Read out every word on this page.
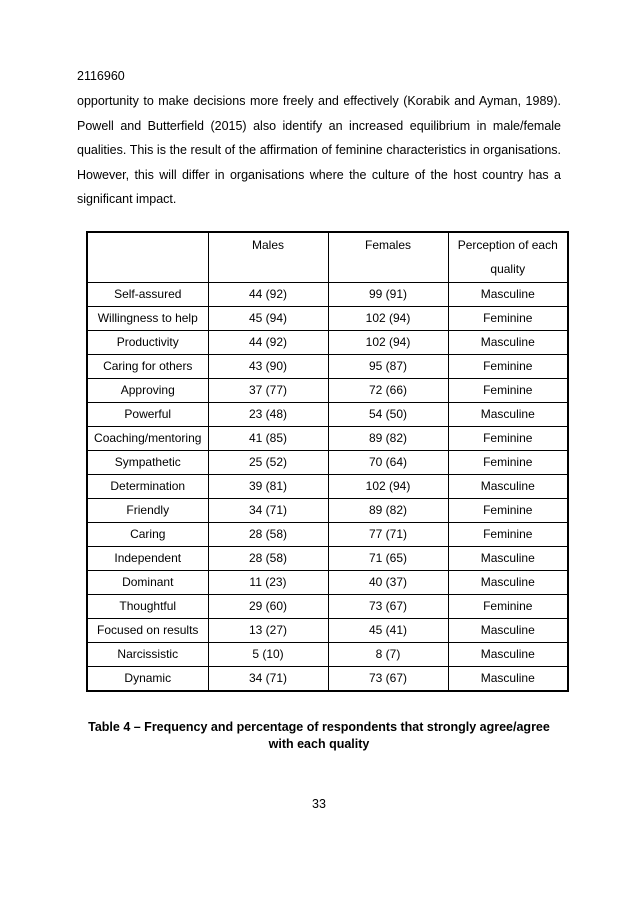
2116960

opportunity to make decisions more freely and effectively (Korabik and Ayman, 1989). Powell and Butterfield (2015) also identify an increased equilibrium in male/female qualities. This is the result of the affirmation of feminine characteristics in organisations. However, this will differ in organisations where the culture of the host country has a significant impact.

	Males	Females	Perception of each quality
Self-assured	44 (92)	99 (91)	Masculine
Willingness to help	45 (94)	102 (94)	Feminine
Productivity	44 (92)	102 (94)	Masculine
Caring for others	43 (90)	95 (87)	Feminine
Approving	37 (77)	72 (66)	Feminine
Powerful	23 (48)	54 (50)	Masculine
Coaching/mentoring	41 (85)	89 (82)	Feminine
Sympathetic	25 (52)	70 (64)	Feminine
Determination	39 (81)	102 (94)	Masculine
Friendly	34 (71)	89 (82)	Feminine
Caring	28 (58)	77 (71)	Feminine
Independent	28 (58)	71 (65)	Masculine
Dominant	11 (23)	40 (37)	Masculine
Thoughtful	29 (60)	73 (67)	Feminine
Focused on results	13 (27)	45 (41)	Masculine
Narcissistic	5 (10)	8 (7)	Masculine
Dynamic	34 (71)	73 (67)	Masculine
Table 4 – Frequency and percentage of respondents that strongly agree/agree with each quality
33
